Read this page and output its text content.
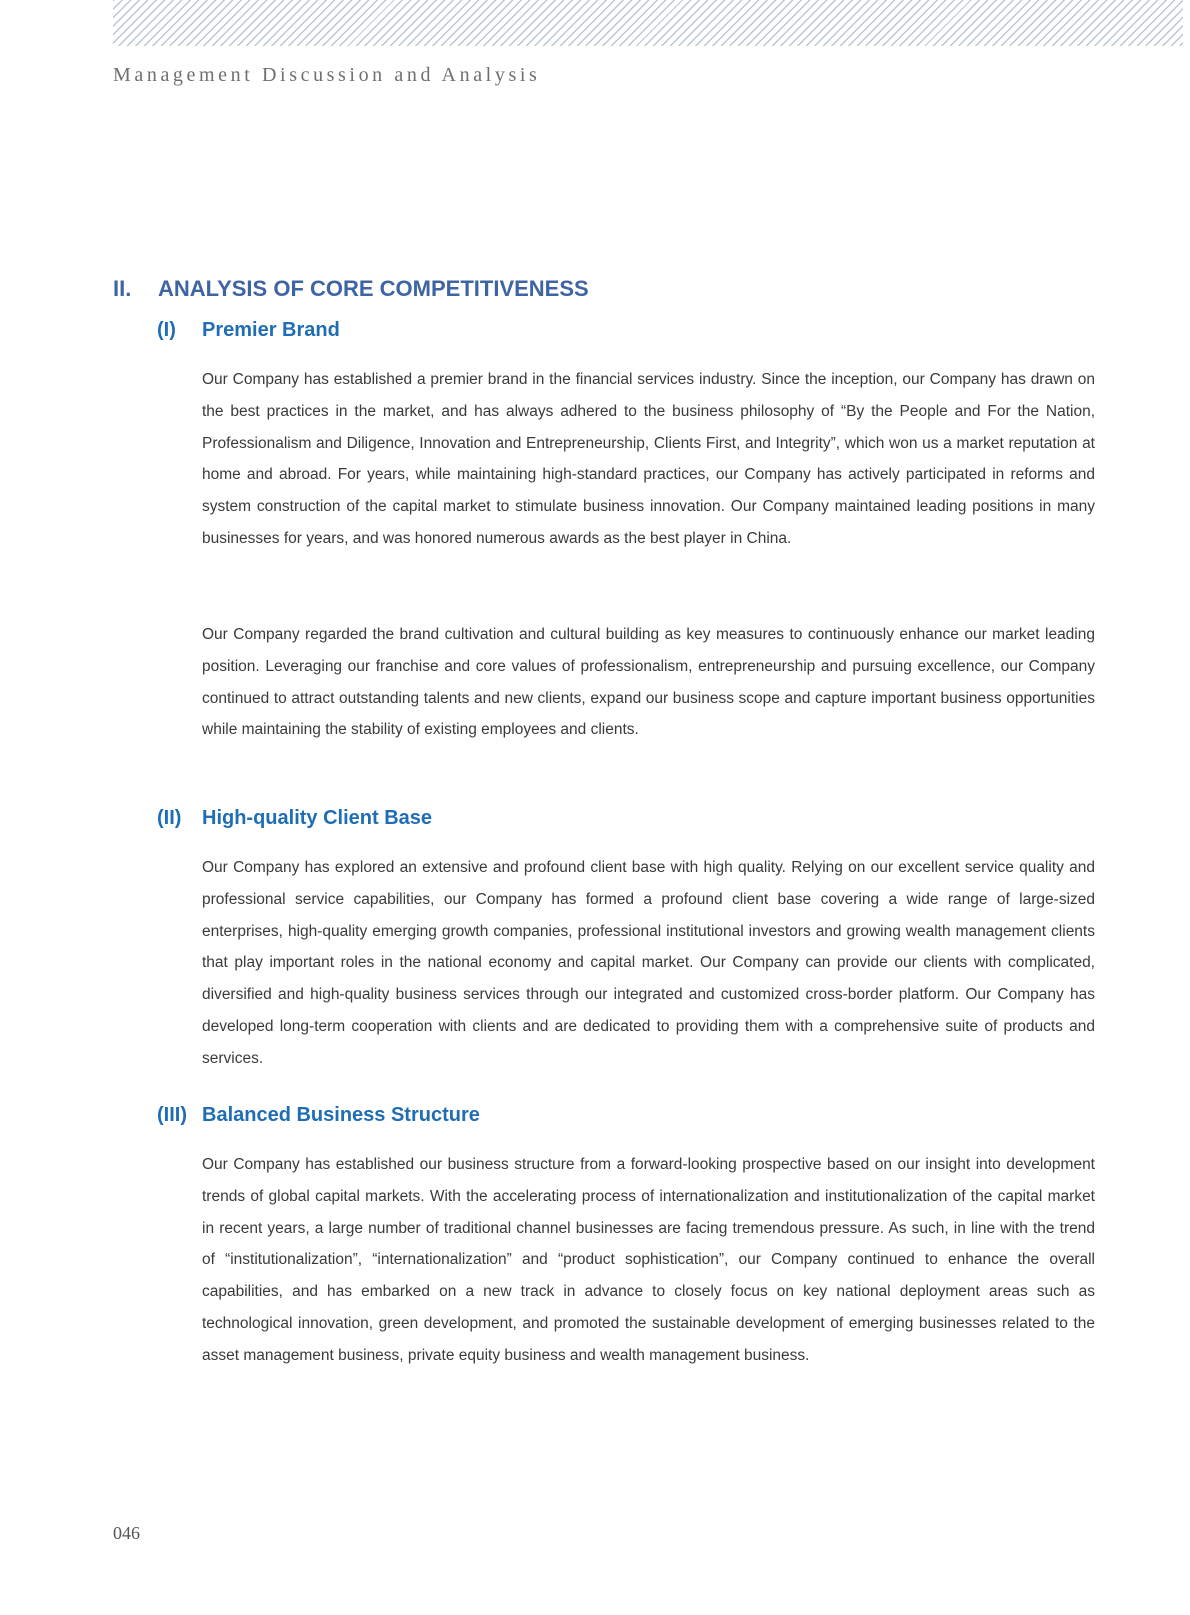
Management Discussion and Analysis
II. ANALYSIS OF CORE COMPETITIVENESS
(I) Premier Brand

Our Company has established a premier brand in the financial services industry. Since the inception, our Company has drawn on the best practices in the market, and has always adhered to the business philosophy of “By the People and For the Nation, Professionalism and Diligence, Innovation and Entrepreneurship, Clients First, and Integrity”, which won us a market reputation at home and abroad. For years, while maintaining high-standard practices, our Company has actively participated in reforms and system construction of the capital market to stimulate business innovation. Our Company maintained leading positions in many businesses for years, and was honored numerous awards as the best player in China.

Our Company regarded the brand cultivation and cultural building as key measures to continuously enhance our market leading position. Leveraging our franchise and core values of professionalism, entrepreneurship and pursuing excellence, our Company continued to attract outstanding talents and new clients, expand our business scope and capture important business opportunities while maintaining the stability of existing employees and clients.

(II) High-quality Client Base

Our Company has explored an extensive and profound client base with high quality. Relying on our excellent service quality and professional service capabilities, our Company has formed a profound client base covering a wide range of large-sized enterprises, high-quality emerging growth companies, professional institutional investors and growing wealth management clients that play important roles in the national economy and capital market. Our Company can provide our clients with complicated, diversified and high-quality business services through our integrated and customized cross-border platform. Our Company has developed long-term cooperation with clients and are dedicated to providing them with a comprehensive suite of products and services.

(III) Balanced Business Structure

Our Company has established our business structure from a forward-looking prospective based on our insight into development trends of global capital markets. With the accelerating process of internationalization and institutionalization of the capital market in recent years, a large number of traditional channel businesses are facing tremendous pressure. As such, in line with the trend of “institutionalization”, “internationalization” and “product sophistication”, our Company continued to enhance the overall capabilities, and has embarked on a new track in advance to closely focus on key national deployment areas such as technological innovation, green development, and promoted the sustainable development of emerging businesses related to the asset management business, private equity business and wealth management business.

046
